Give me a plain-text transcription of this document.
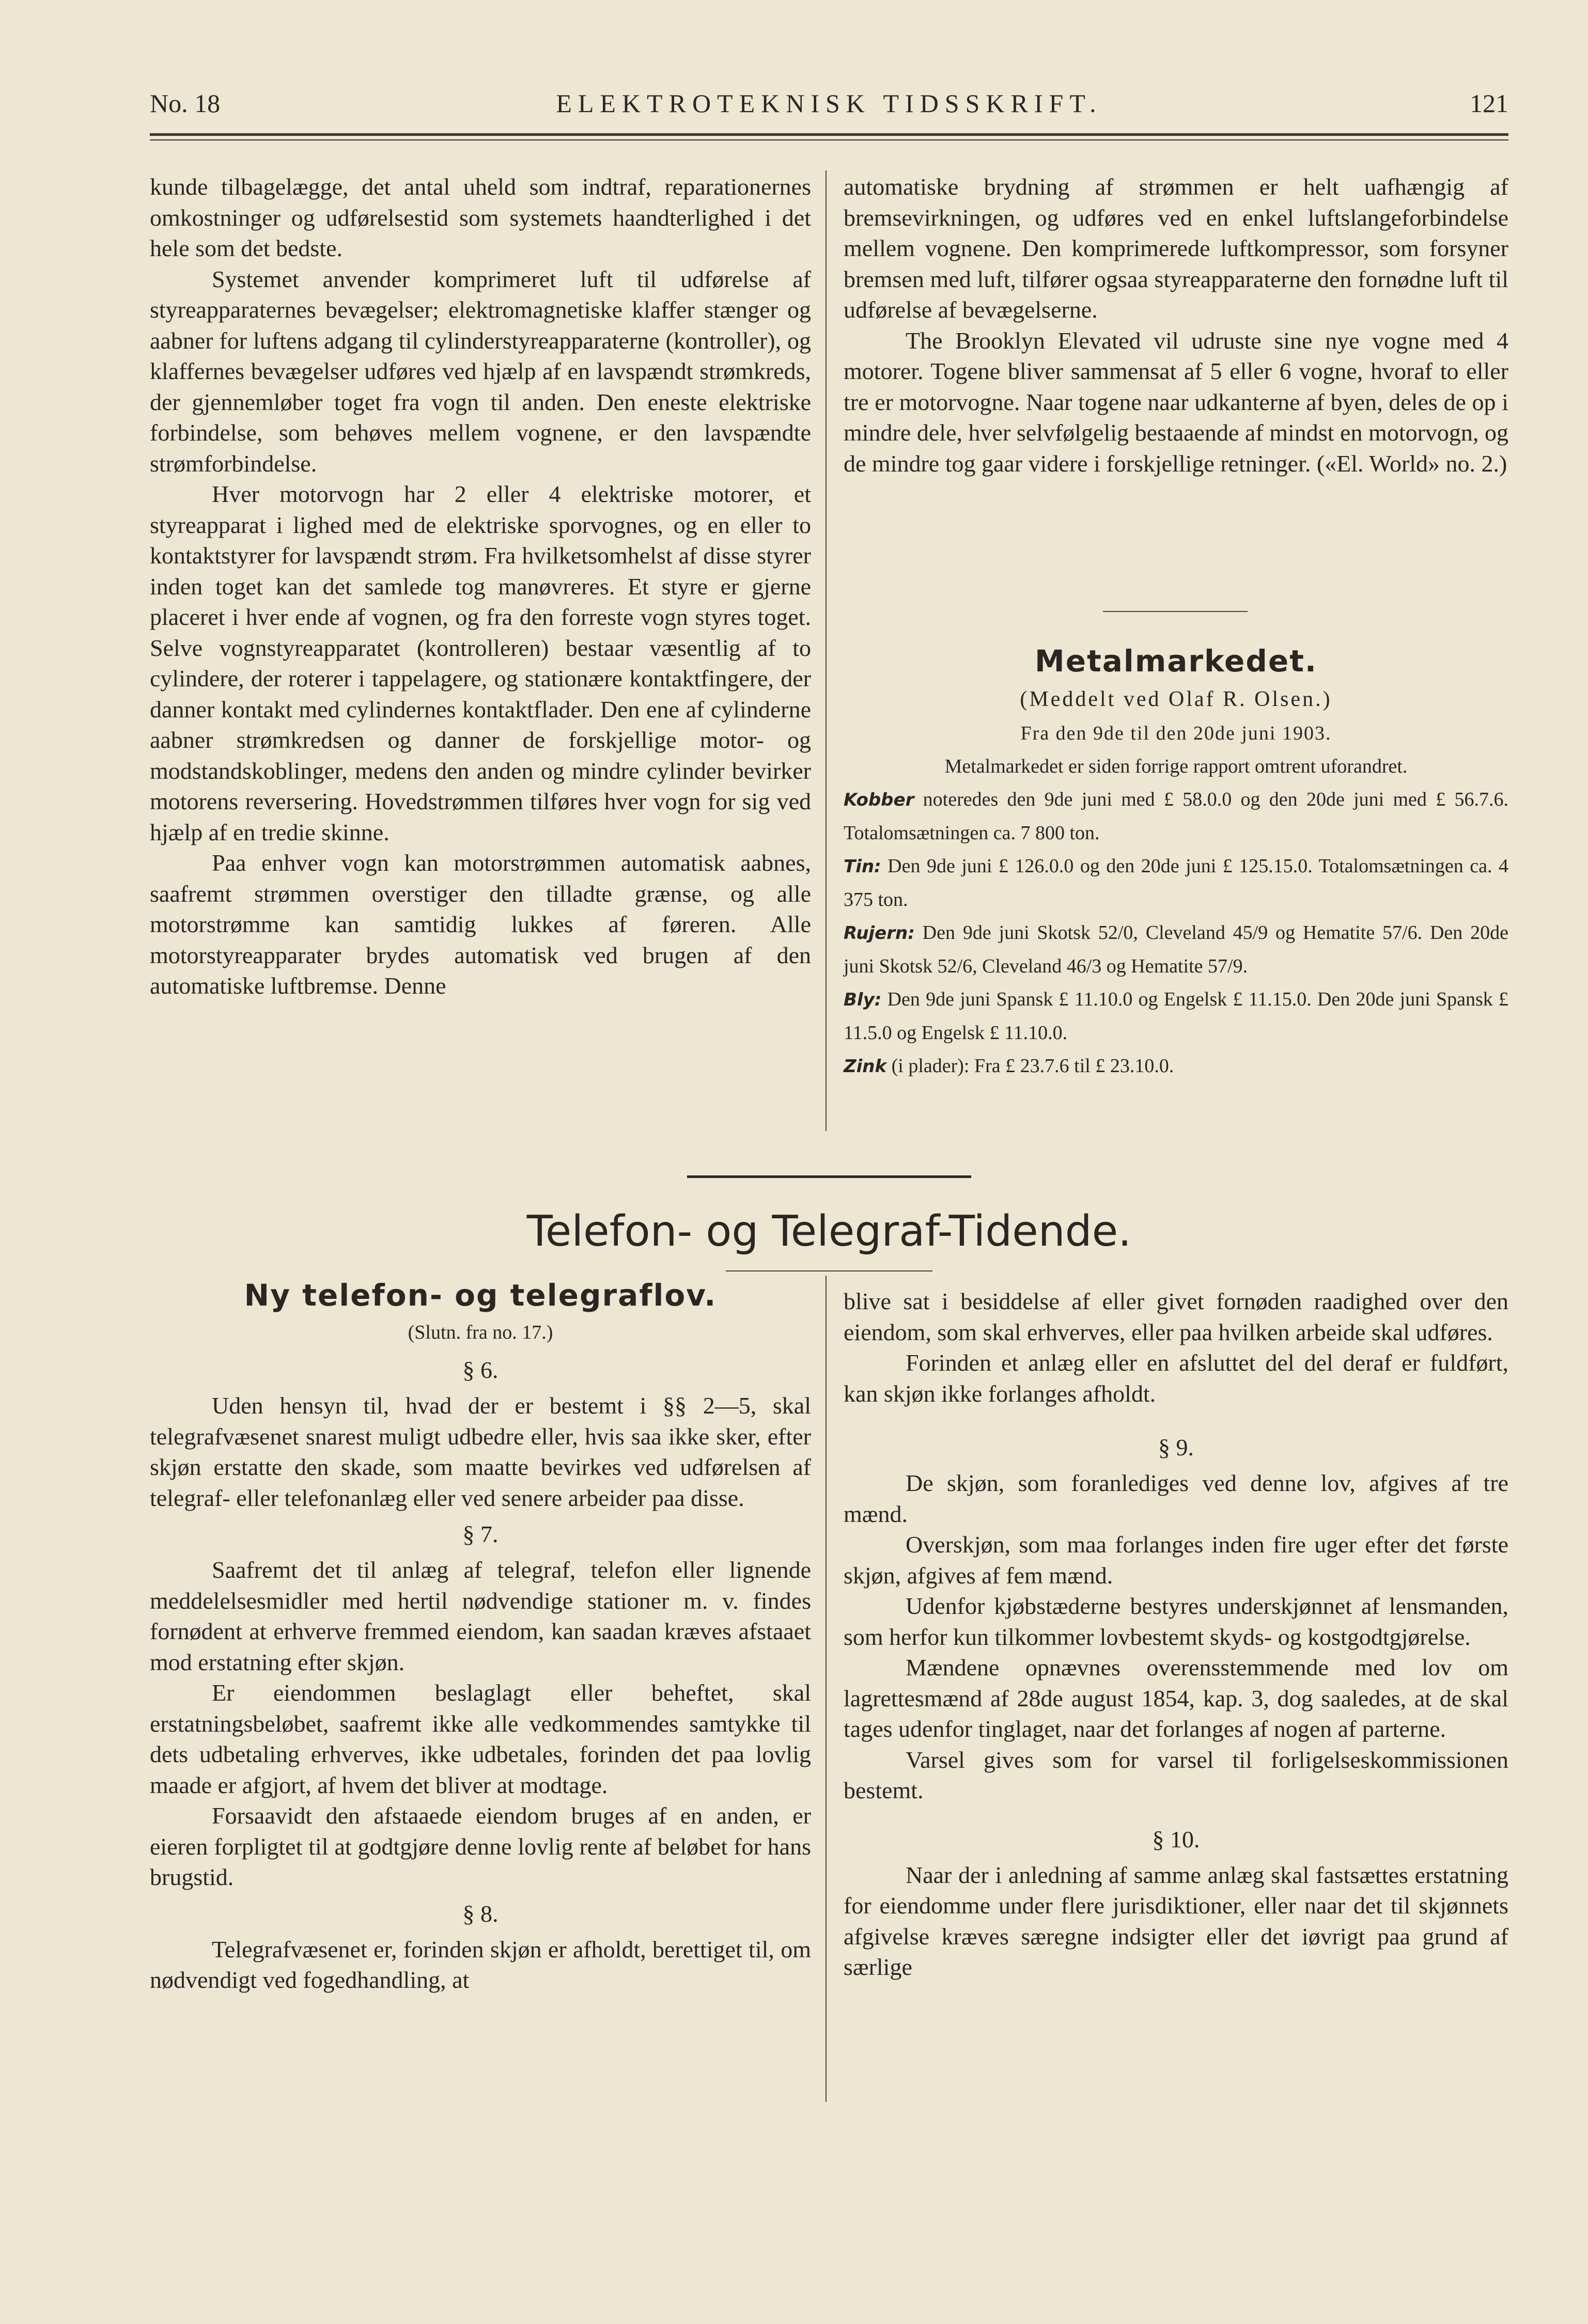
ELEKTROTEKNISK TIDSSKRIFT.
No. 18	121

kunde tilbagelægge, det antal uheld som indtraf, reparationernes omkostninger og udførelsestid som systemets haandterlighed i det hele som det bedste.

Systemet anvender komprimeret luft til udførelse af styreapparaternes bevægelser; elektromagnetiske klaffer stænger og aabner for luftens adgang til cylinderstyreapparaterne (kontroller), og klaffernes bevægelser udføres ved hjælp af en lavspændt strømkreds, der gjennemløber toget fra vogn til anden. Den eneste elektriske forbindelse, som behøves mellem vognene, er den lavspændte strømforbindelse.

Hver motorvogn har 2 eller 4 elektriske motorer, et styreapparat i lighed med de elektriske sporvognes, og en eller to kontaktstyrer for lavspændt strøm. Fra hvilketsomhelst af disse styrer inden toget kan det samlede tog manøvreres. Et styre er gjerne placeret i hver ende af vognen, og fra den forreste vogn styres toget. Selve vognstyreapparatet (kontrolleren) bestaar væsentlig af to cylindere, der roterer i tappelagere, og stationære kontaktfingere, der danner kontakt med cylindernes kontaktflader. Den ene af cylinderne aabner strømkredsen og danner de forskjellige motor- og modstandskoblinger, medens den anden og mindre cylinder bevirker motorens reversering. Hovedstrømmen tilføres hver vogn for sig ved hjælp af en tredie skinne.

Paa enhver vogn kan motorstrømmen automatisk aabnes, saafremt strømmen overstiger den tilladte grænse, og alle motorstrømme kan samtidig lukkes af føreren. Alle motorstyreapparater brydes automatisk ved brugen af den automatiske luftbremse. Denne

automatiske brydning af strømmen er helt uafhængig af bremsevirkningen, og udføres ved en enkel luftslangeforbindelse mellem vognene. Den komprimerede luftkompressor, som forsyner bremsen med luft, tilfører ogsaa styreapparaterne den fornødne luft til udførelse af bevægelserne.

The Brooklyn Elevated vil udruste sine nye vogne med 4 motorer. Togene bliver sammensat af 5 eller 6 vogne, hvoraf to eller tre er motorvogne. Naar togene naar udkanterne af byen, deles de op i mindre dele, hver selvfølgelig bestaaende af mindst en motorvogn, og de mindre tog gaar videre i forskjellige retninger. («El. World» no. 2.)

Metalmarkedet.
(Meddelt ved Olaf R. Olsen.)
Fra den 9de til den 20de juni 1903.
Metalmarkedet er siden forrige rapport omtrent uforandret.

Kobber noteredes den 9de juni med £ 58.0.0 og den 20de juni med £ 56.7.6. Totalomsætningen ca. 7 800 ton.

Tin: Den 9de juni £ 126.0.0 og den 20de juni £ 125.15.0. Totalomsætningen ca. 4 375 ton.

Rujern: Den 9de juni Skotsk 52/0, Cleveland 45/9 og Hematite 57/6. Den 20de juni Skotsk 52/6, Cleveland 46/3 og Hematite 57/9.

Bly: Den 9de juni Spansk £ 11.10.0 og Engelsk £ 11.15.0. Den 20de juni Spansk £ 11.5.0 og Engelsk £ 11.10.0.

Zink (i plader): Fra £ 23.7.6 til £ 23.10.0.

Telefon- og Telegraf-Tidende.
Ny telefon- og telegraflov.
(Slutn. fra no. 17.)
§ 6.

Uden hensyn til, hvad der er bestemt i §§ 2—5, skal telegrafvæsenet snarest muligt udbedre eller, hvis saa ikke sker, efter skjøn erstatte den skade, som maatte bevirkes ved udførelsen af telegraf- eller telefonanlæg eller ved senere arbeider paa disse.

§ 7.

Saafremt det til anlæg af telegraf, telefon eller lignende meddelelsesmidler med hertil nødvendige stationer m. v. findes fornødent at erhverve fremmed eiendom, kan saadan kræves afstaaet mod erstatning efter skjøn.

Er eiendommen beslaglagt eller beheftet, skal erstatningsbeløbet, saafremt ikke alle vedkommendes samtykke til dets udbetaling erhverves, ikke udbetales, forinden det paa lovlig maade er afgjort, af hvem det bliver at modtage.

Forsaavidt den afstaaede eiendom bruges af en anden, er eieren forpligtet til at godtgjøre denne lovlig rente af beløbet for hans brugstid.

§ 8.

Telegrafvæsenet er, forinden skjøn er afholdt, berettiget til, om nødvendigt ved fogedhandling, at

blive sat i besiddelse af eller givet fornøden raadighed over den eiendom, som skal erhverves, eller paa hvilken arbeide skal udføres.

Forinden et anlæg eller en afsluttet del del deraf er fuldført, kan skjøn ikke forlanges afholdt.

§ 9.

De skjøn, som foranlediges ved denne lov, afgives af tre mænd.

Overskjøn, som maa forlanges inden fire uger efter det første skjøn, afgives af fem mænd.

Udenfor kjøbstæderne bestyres underskjønnet af lensmanden, som herfor kun tilkommer lovbestemt skyds- og kostgodtgjørelse.

Mændene opnævnes overensstemmende med lov om lagrettesmænd af 28de august 1854, kap. 3, dog saaledes, at de skal tages udenfor tinglaget, naar det forlanges af nogen af parterne.

Varsel gives som for varsel til forligelseskommissionen bestemt.

§ 10.

Naar der i anledning af samme anlæg skal fastsættes erstatning for eiendomme under flere jurisdiktioner, eller naar det til skjønnets afgivelse kræves særegne indsigter eller det iøvrigt paa grund af særlige
